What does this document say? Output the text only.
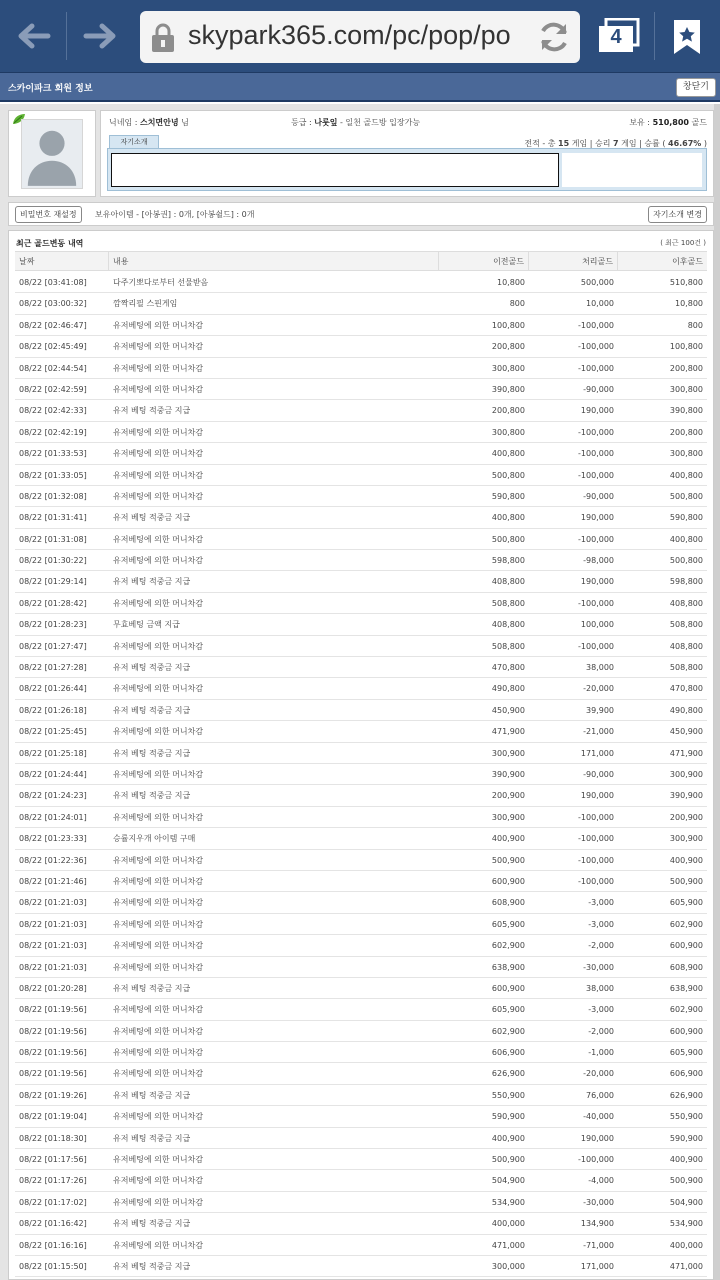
skypark365.com/pc/pop/po	4
스카이파크 회원 정보	창닫기
닉네임 : 스치면안녕 님	등급 : 나룻잎 - 일천 골드방 입장가능	보유 : 510,800 골드
자기소개	전적 - 총 15 게임 | 승리 7 게임 | 승률 ( 46.67% )
비밀번호 재설정	보유아이템 - [아봉권] : 0개, [아봉쉴드] : 0개	자기소개 변경
최근 골드변동 내역	( 최근 100건 )
날짜	내용	이전골드	처리골드	이후골드
08/22 [03:41:08]	다주기뽀다로부터 선물받음	10,800	500,000	510,800
08/22 [03:00:32]	깜짝리필 스핀게임	800	10,000	10,800
08/22 [02:46:47]	유저베팅에 의한 머니차감	100,800	-100,000	800
08/22 [02:45:49]	유저베팅에 의한 머니차감	200,800	-100,000	100,800
08/22 [02:44:54]	유저베팅에 의한 머니차감	300,800	-100,000	200,800
08/22 [02:42:59]	유저베팅에 의한 머니차감	390,800	-90,000	300,800
08/22 [02:42:33]	유저 베팅 적중금 지급	200,800	190,000	390,800
08/22 [02:42:19]	유저베팅에 의한 머니차감	300,800	-100,000	200,800
08/22 [01:33:53]	유저베팅에 의한 머니차감	400,800	-100,000	300,800
08/22 [01:33:05]	유저베팅에 의한 머니차감	500,800	-100,000	400,800
08/22 [01:32:08]	유저베팅에 의한 머니차감	590,800	-90,000	500,800
08/22 [01:31:41]	유저 베팅 적중금 지급	400,800	190,000	590,800
08/22 [01:31:08]	유저베팅에 의한 머니차감	500,800	-100,000	400,800
08/22 [01:30:22]	유저베팅에 의한 머니차감	598,800	-98,000	500,800
08/22 [01:29:14]	유저 베팅 적중금 지급	408,800	190,000	598,800
08/22 [01:28:42]	유저베팅에 의한 머니차감	508,800	-100,000	408,800
08/22 [01:28:23]	무효베팅 금액 지급	408,800	100,000	508,800
08/22 [01:27:47]	유저베팅에 의한 머니차감	508,800	-100,000	408,800
08/22 [01:27:28]	유저 베팅 적중금 지급	470,800	38,000	508,800
08/22 [01:26:44]	유저베팅에 의한 머니차감	490,800	-20,000	470,800
08/22 [01:26:18]	유저 베팅 적중금 지급	450,900	39,900	490,800
08/22 [01:25:45]	유저베팅에 의한 머니차감	471,900	-21,000	450,900
08/22 [01:25:18]	유저 베팅 적중금 지급	300,900	171,000	471,900
08/22 [01:24:44]	유저베팅에 의한 머니차감	390,900	-90,000	300,900
08/22 [01:24:23]	유저 베팅 적중금 지급	200,900	190,000	390,900
08/22 [01:24:01]	유저베팅에 의한 머니차감	300,900	-100,000	200,900
08/22 [01:23:33]	승률지우개 아이템 구매	400,900	-100,000	300,900
08/22 [01:22:36]	유저베팅에 의한 머니차감	500,900	-100,000	400,900
08/22 [01:21:46]	유저베팅에 의한 머니차감	600,900	-100,000	500,900
08/22 [01:21:03]	유저베팅에 의한 머니차감	608,900	-3,000	605,900
08/22 [01:21:03]	유저베팅에 의한 머니차감	605,900	-3,000	602,900
08/22 [01:21:03]	유저베팅에 의한 머니차감	602,900	-2,000	600,900
08/22 [01:21:03]	유저베팅에 의한 머니차감	638,900	-30,000	608,900
08/22 [01:20:28]	유저 베팅 적중금 지급	600,900	38,000	638,900
08/22 [01:19:56]	유저베팅에 의한 머니차감	605,900	-3,000	602,900
08/22 [01:19:56]	유저베팅에 의한 머니차감	602,900	-2,000	600,900
08/22 [01:19:56]	유저베팅에 의한 머니차감	606,900	-1,000	605,900
08/22 [01:19:56]	유저베팅에 의한 머니차감	626,900	-20,000	606,900
08/22 [01:19:26]	유저 베팅 적중금 지급	550,900	76,000	626,900
08/22 [01:19:04]	유저베팅에 의한 머니차감	590,900	-40,000	550,900
08/22 [01:18:30]	유저 베팅 적중금 지급	400,900	190,000	590,900
08/22 [01:17:56]	유저베팅에 의한 머니차감	500,900	-100,000	400,900
08/22 [01:17:26]	유저베팅에 의한 머니차감	504,900	-4,000	500,900
08/22 [01:17:02]	유저베팅에 의한 머니차감	534,900	-30,000	504,900
08/22 [01:16:42]	유저 베팅 적중금 지급	400,000	134,900	534,900
08/22 [01:16:16]	유저베팅에 의한 머니차감	471,000	-71,000	400,000
08/22 [01:15:50]	유저 베팅 적중금 지급	300,000	171,000	471,000
